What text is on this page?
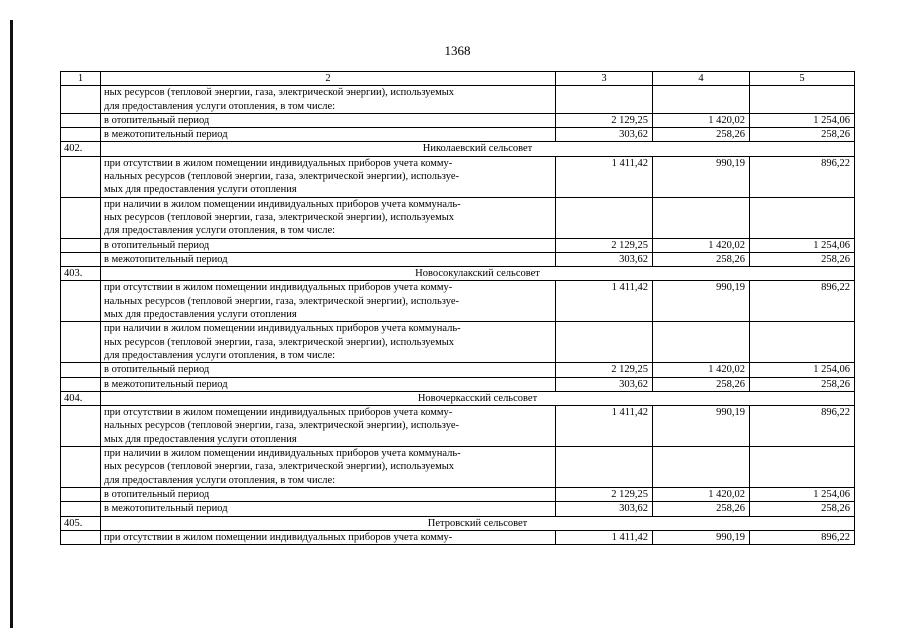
1368
1	2	3	4	5

	ных ресурсов (тепловой энергии, газа, электрической энергии), используемых
для предоставления услуги отопления, в том числе:			

	в отопительный период	2 129,25	1 420,02	1 254,06

	в межотопительный период	303,62	258,26	258,26
402.	Николаевский сельсовет			

	при отсутствии в жилом помещении индивидуальных приборов учета комму-
нальных ресурсов (тепловой энергии, газа, электрической энергии), используе-
мых для предоставления услуги отопления	1 411,42	990,19	896,22

	при наличии в жилом помещении индивидуальных приборов учета коммуналь-
ных ресурсов (тепловой энергии, газа, электрической энергии), используемых
для предоставления услуги отопления, в том числе:			

	в отопительный период	2 129,25	1 420,02	1 254,06

	в межотопительный период	303,62	258,26	258,26
403.	Новосокулакский сельсовет			

	при отсутствии в жилом помещении индивидуальных приборов учета комму-
нальных ресурсов (тепловой энергии, газа, электрической энергии), используе-
мых для предоставления услуги отопления	1 411,42	990,19	896,22

	при наличии в жилом помещении индивидуальных приборов учета коммуналь-
ных ресурсов (тепловой энергии, газа, электрической энергии), используемых
для предоставления услуги отопления, в том числе:			

	в отопительный период	2 129,25	1 420,02	1 254,06

	в межотопительный период	303,62	258,26	258,26
404.	Новочеркасский сельсовет			

	при отсутствии в жилом помещении индивидуальных приборов учета комму-
нальных ресурсов (тепловой энергии, газа, электрической энергии), используе-
мых для предоставления услуги отопления	1 411,42	990,19	896,22

	при наличии в жилом помещении индивидуальных приборов учета коммуналь-
ных ресурсов (тепловой энергии, газа, электрической энергии), используемых
для предоставления услуги отопления, в том числе:			

	в отопительный период	2 129,25	1 420,02	1 254,06

	в межотопительный период	303,62	258,26	258,26
405.	Петровский сельсовет			

	при отсутствии в жилом помещении индивидуальных приборов учета комму-	1 411,42	990,19	896,22
